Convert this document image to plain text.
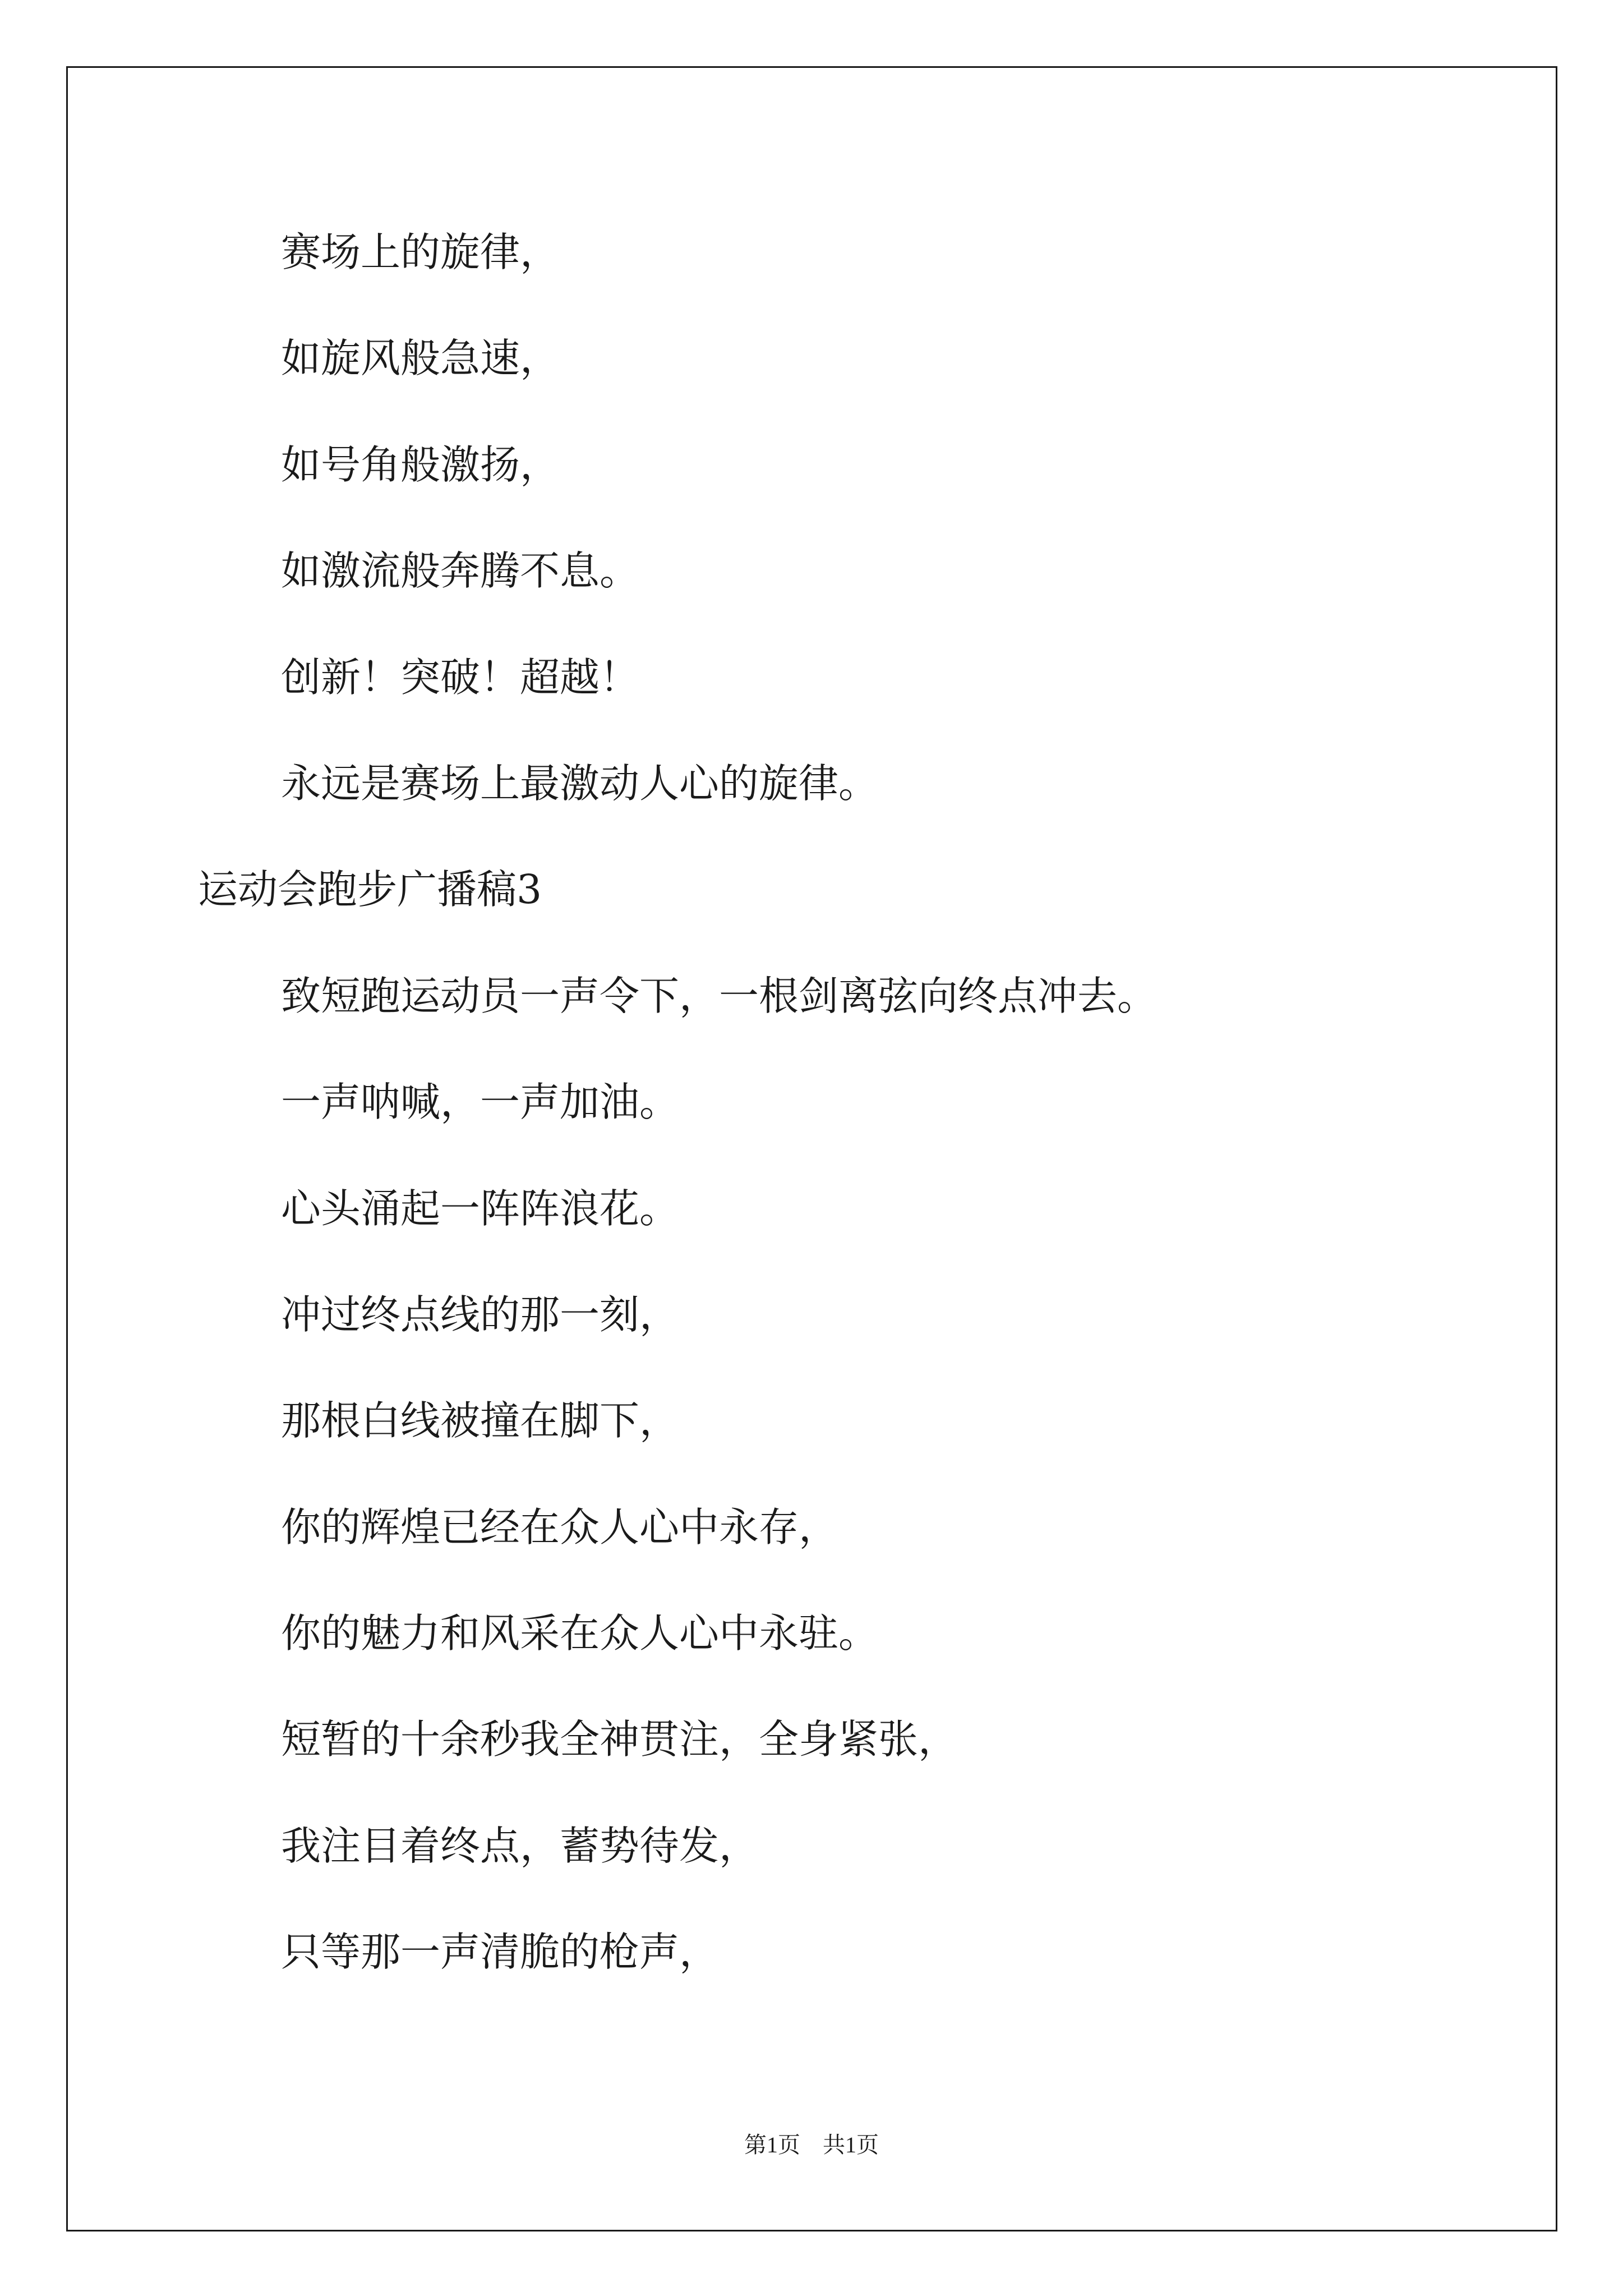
赛场上的旋律，
如旋风般急速，
如号角般激扬，
如激流般奔腾不息。
创新！突破！超越！
永远是赛场上最激动人心的旋律。
运动会跑步广播稿3
致短跑运动员一声令下，一根剑离弦向终点冲去。
一声呐喊，一声加油。
心头涌起一阵阵浪花。
冲过终点线的那一刻，
那根白线被撞在脚下，
你的辉煌已经在众人心中永存，
你的魅力和风采在众人心中永驻。
短暂的十余秒我全神贯注，全身紧张，
我注目着终点，蓄势待发，
只等那一声清脆的枪声，
第1页　共1页
